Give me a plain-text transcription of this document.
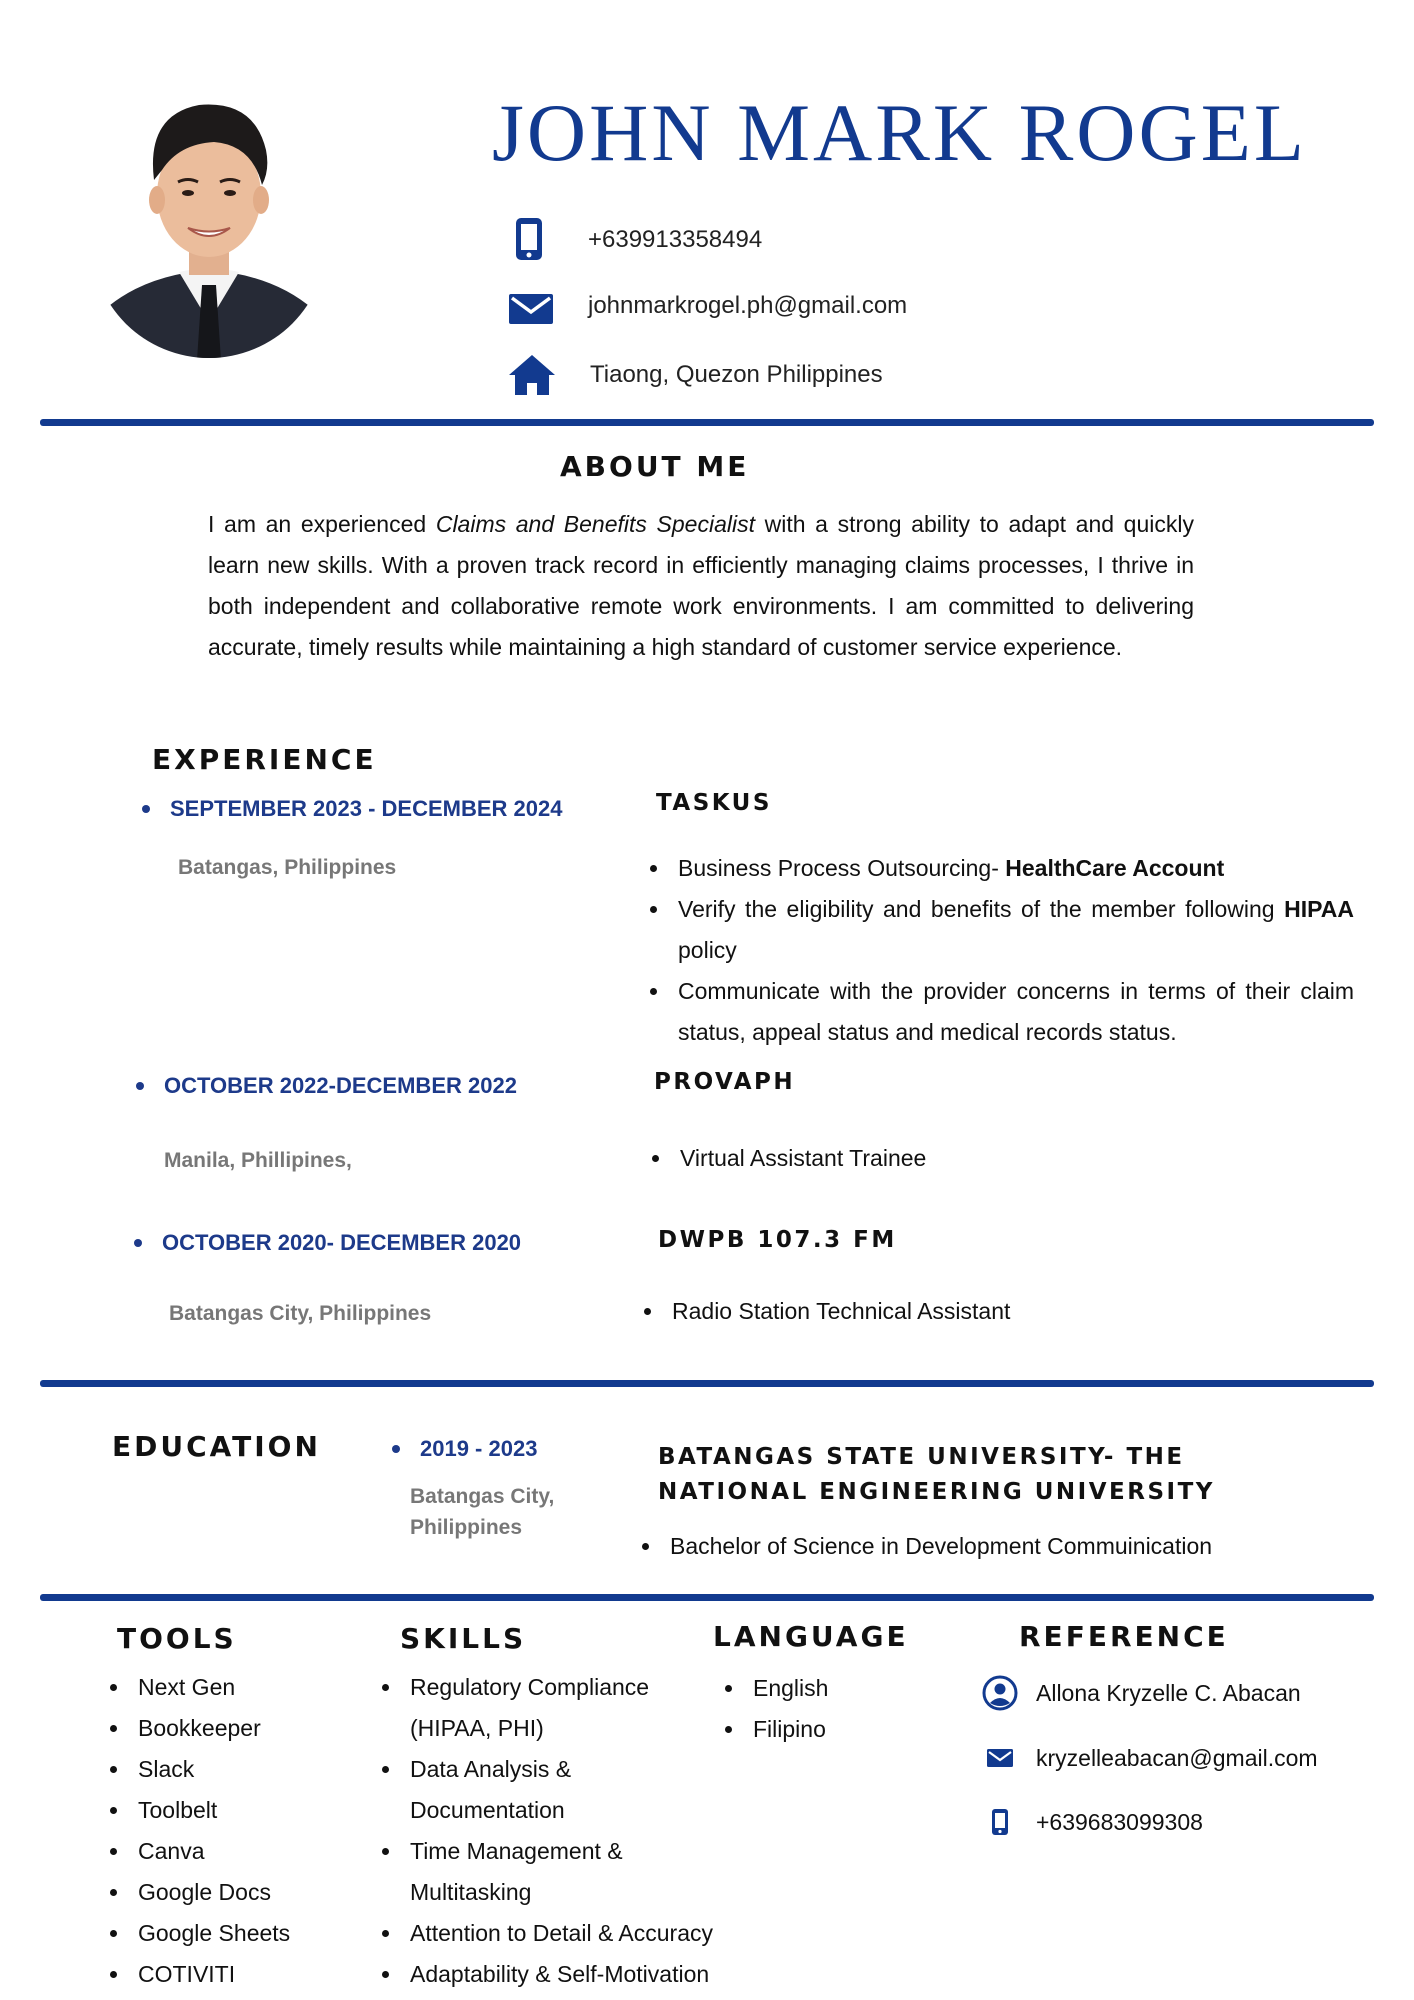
JOHN MARK ROGEL
+639913358494
johnmarkrogel.ph@gmail.com
Tiaong, Quezon Philippines
ABOUT ME
I am an experienced Claims and Benefits Specialist with a strong ability to adapt and quickly learn new skills. With a proven track record in efficiently managing claims processes, I thrive in both independent and collaborative remote work environments. I am committed to delivering accurate, timely results while maintaining a high standard of customer service experience.
EXPERIENCE
SEPTEMBER 2023 - DECEMBER 2024
Batangas, Philippines
TASKUS
Business Process Outsourcing- HealthCare Account
Verify the eligibility and benefits of the member following HIPAA policy
Communicate with the provider concerns in terms of their claim status, appeal status and medical records status.
OCTOBER 2022-DECEMBER 2022
Manila, Phillipines,
PROVAPH
Virtual Assistant Trainee
OCTOBER 2020- DECEMBER 2020
Batangas City, Philippines
DWPB 107.3 FM
Radio Station Technical Assistant
EDUCATION	2019 - 2023
Batangas City,
Philippines
BATANGAS STATE UNIVERSITY- THE
NATIONAL ENGINEERING UNIVERSITY
Bachelor of Science in Development Commuinication
TOOLS
Next Gen
Bookkeeper
Slack
Toolbelt
Canva
Google Docs
Google Sheets
COTIVITI
SKILLS
Regulatory Compliance
(HIPAA, PHI)
Data Analysis &
Documentation
Time Management &
Multitasking
Attention to Detail & Accuracy
Adaptability & Self-Motivation
LANGUAGE
English
Filipino
REFERENCE
Allona Kryzelle C. Abacan
kryzelleabacan@gmail.com
+639683099308
